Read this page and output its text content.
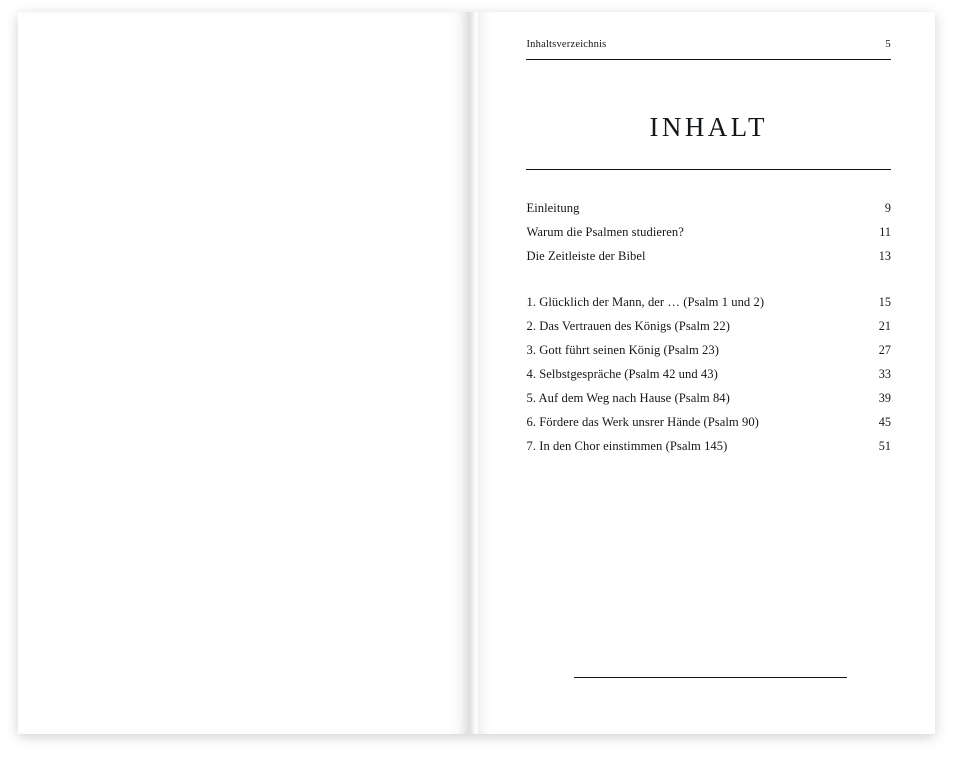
Inhaltsverzeichnis	5
INHALT
Einleitung	9
Warum die Psalmen studieren?	11
Die Zeitleiste der Bibel	13
1. Glücklich der Mann, der … (Psalm 1 und 2)	15
2. Das Vertrauen des Königs (Psalm 22)	21
3. Gott führt seinen König (Psalm 23)	27
4. Selbstgespräche (Psalm 42 und 43)	33
5. Auf dem Weg nach Hause (Psalm 84)	39
6. Fördere das Werk unsrer Hände (Psalm 90)	45
7. In den Chor einstimmen (Psalm 145)	51
